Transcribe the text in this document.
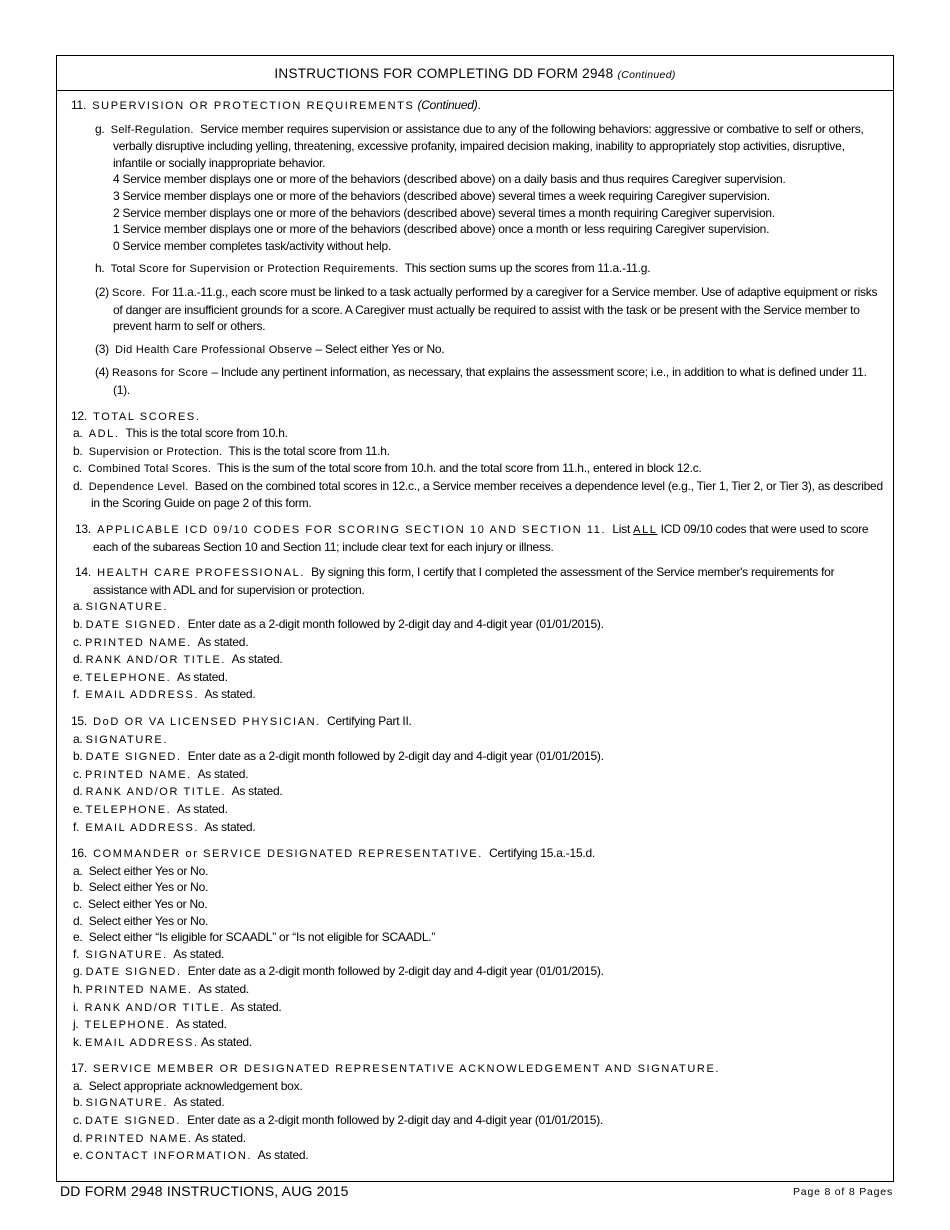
INSTRUCTIONS FOR COMPLETING DD FORM 2948 (Continued)
11. SUPERVISION OR PROTECTION REQUIREMENTS (Continued).
g. Self-Regulation. Service member requires supervision or assistance due to any of the following behaviors: aggressive or combative to self or others, verbally disruptive including yelling, threatening, excessive profanity, impaired decision making, inability to appropriately stop activities, disruptive, infantile or socially inappropriate behavior.
4 Service member displays one or more of the behaviors (described above) on a daily basis and thus requires Caregiver supervision.
3 Service member displays one or more of the behaviors (described above) several times a week requiring Caregiver supervision.
2 Service member displays one or more of the behaviors (described above) several times a month requiring Caregiver supervision.
1 Service member displays one or more of the behaviors (described above) once a month or less requiring Caregiver supervision.
0 Service member completes task/activity without help.
h. Total Score for Supervision or Protection Requirements. This section sums up the scores from 11.a.-11.g.
(2) Score. For 11.a.-11.g., each score must be linked to a task actually performed by a caregiver for a Service member. Use of adaptive equipment or risks of danger are insufficient grounds for a score. A Caregiver must actually be required to assist with the task or be present with the Service member to prevent harm to self or others.
(3) Did Health Care Professional Observe – Select either Yes or No.
(4) Reasons for Score – Include any pertinent information, as necessary, that explains the assessment score; i.e., in addition to what is defined under 11.(1).
12. TOTAL SCORES.
a. ADL. This is the total score from 10.h.
b. Supervision or Protection. This is the total score from 11.h.
c. Combined Total Scores. This is the sum of the total score from 10.h. and the total score from 11.h., entered in block 12.c.
d. Dependence Level. Based on the combined total scores in 12.c., a Service member receives a dependence level (e.g., Tier 1, Tier 2, or Tier 3), as described in the Scoring Guide on page 2 of this form.
13. APPLICABLE ICD 09/10 CODES FOR SCORING SECTION 10 AND SECTION 11. List ALL ICD 09/10 codes that were used to score each of the subareas Section 10 and Section 11; include clear text for each injury or illness.
14. HEALTH CARE PROFESSIONAL. By signing this form, I certify that I completed the assessment of the Service member's requirements for assistance with ADL and for supervision or protection.
a. SIGNATURE.
b. DATE SIGNED. Enter date as a 2-digit month followed by 2-digit day and 4-digit year (01/01/2015).
c. PRINTED NAME. As stated.
d. RANK AND/OR TITLE. As stated.
e. TELEPHONE. As stated.
f. EMAIL ADDRESS. As stated.
15. DoD OR VA LICENSED PHYSICIAN. Certifying Part II.
a. SIGNATURE.
b. DATE SIGNED. Enter date as a 2-digit month followed by 2-digit day and 4-digit year (01/01/2015).
c. PRINTED NAME. As stated.
d. RANK AND/OR TITLE. As stated.
e. TELEPHONE. As stated.
f. EMAIL ADDRESS. As stated.
16. COMMANDER or SERVICE DESIGNATED REPRESENTATIVE. Certifying 15.a.-15.d.
a. Select either Yes or No.
b. Select either Yes or No.
c. Select either Yes or No.
d. Select either Yes or No.
e. Select either “Is eligible for SCAADL” or “Is not eligible for SCAADL.”
f. SIGNATURE. As stated.
g. DATE SIGNED. Enter date as a 2-digit month followed by 2-digit day and 4-digit year (01/01/2015).
h. PRINTED NAME. As stated.
i. RANK AND/OR TITLE. As stated.
j. TELEPHONE. As stated.
k. EMAIL ADDRESS. As stated.
17. SERVICE MEMBER OR DESIGNATED REPRESENTATIVE ACKNOWLEDGEMENT AND SIGNATURE.
a. Select appropriate acknowledgement box.
b. SIGNATURE. As stated.
c. DATE SIGNED. Enter date as a 2-digit month followed by 2-digit day and 4-digit year (01/01/2015).
d. PRINTED NAME. As stated.
e. CONTACT INFORMATION. As stated.
DD FORM 2948 INSTRUCTIONS, AUG 2015	Page 8 of 8 Pages
